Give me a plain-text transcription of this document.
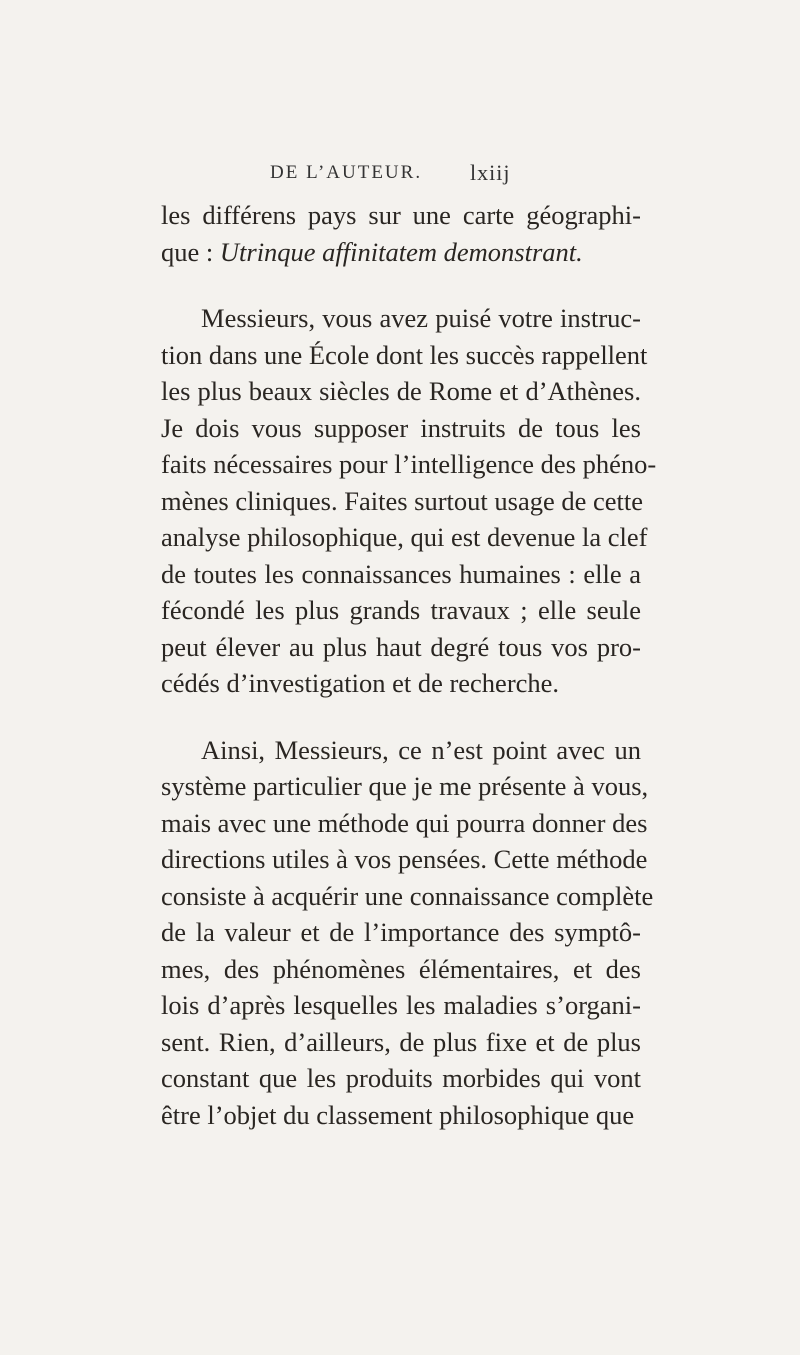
DE L’AUTEUR. lxiij
les différens pays sur une carte géographi-
que : Utrinque affinitatem demonstrant.
Messieurs, vous avez puisé votre instruc-
tion dans une École dont les succès rappellent
les plus beaux siècles de Rome et d’Athènes.
Je dois vous supposer instruits de tous les
faits nécessaires pour l’intelligence des phéno-
mènes cliniques. Faites surtout usage de cette
analyse philosophique, qui est devenue la clef
de toutes les connaissances humaines : elle a
fécondé les plus grands travaux ; elle seule
peut élever au plus haut degré tous vos pro-
cédés d’investigation et de recherche.
Ainsi, Messieurs, ce n’est point avec un
système particulier que je me présente à vous,
mais avec une méthode qui pourra donner des
directions utiles à vos pensées. Cette méthode
consiste à acquérir une connaissance complète
de la valeur et de l’importance des symptô-
mes, des phénomènes élémentaires, et des
lois d’après lesquelles les maladies s’organi-
sent. Rien, d’ailleurs, de plus fixe et de plus
constant que les produits morbides qui vont
être l’objet du classement philosophique que
